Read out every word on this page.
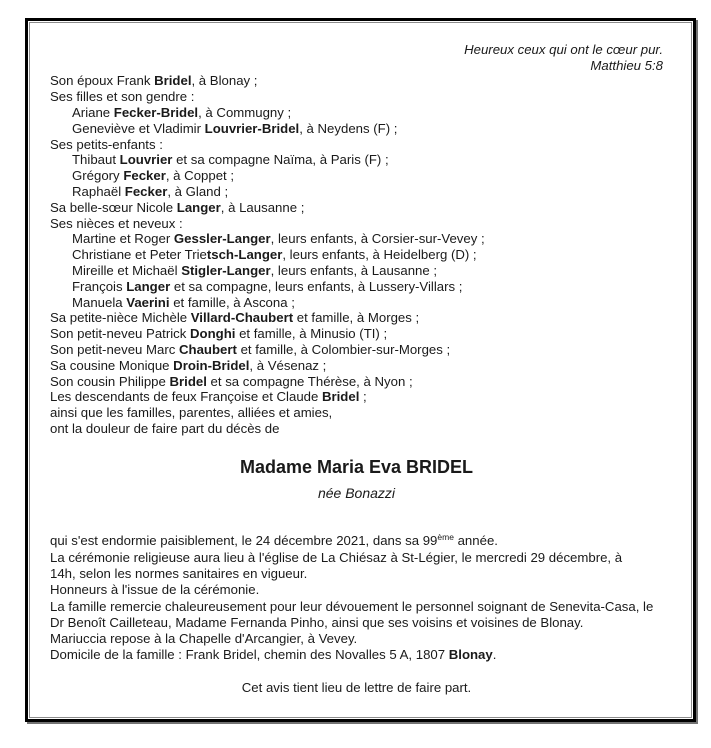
Heureux ceux qui ont le cœur pur.
Matthieu 5:8
Son époux Frank Bridel, à Blonay ;
Ses filles et son gendre :
Ariane Fecker-Bridel, à Commugny ;
Geneviève et Vladimir Louvrier-Bridel, à Neydens (F) ;
Ses petits-enfants :
Thibaut Louvrier et sa compagne Naïma, à Paris (F) ;
Grégory Fecker, à Coppet ;
Raphaël Fecker, à Gland ;
Sa belle-sœur Nicole Langer, à Lausanne ;
Ses nièces et neveux :
Martine et Roger Gessler-Langer, leurs enfants, à Corsier-sur-Vevey ;
Christiane et Peter Trietsch-Langer, leurs enfants, à Heidelberg (D) ;
Mireille et Michaël Stigler-Langer, leurs enfants, à Lausanne ;
François Langer et sa compagne, leurs enfants, à Lussery-Villars ;
Manuela Vaerini et famille, à Ascona ;
Sa petite-nièce Michèle Villard-Chaubert et famille, à Morges ;
Son petit-neveu Patrick Donghi et famille, à Minusio (TI) ;
Son petit-neveu Marc Chaubert et famille, à Colombier-sur-Morges ;
Sa cousine Monique Droin-Bridel, à Vésenaz ;
Son cousin Philippe Bridel et sa compagne Thérèse, à Nyon ;
Les descendants de feux Françoise et Claude Bridel ;
ainsi que les familles, parentes, alliées et amies,
ont la douleur de faire part du décès de
Madame Maria Eva BRIDEL
née Bonazzi
qui s'est endormie paisiblement, le 24 décembre 2021, dans sa 99ème année.
La cérémonie religieuse aura lieu à l'église de La Chiésaz à St-Légier, le mercredi 29 décembre, à
14h, selon les normes sanitaires en vigueur.
Honneurs à l'issue de la cérémonie.
La famille remercie chaleureusement pour leur dévouement le personnel soignant de Senevita-Casa, le
Dr Benoît Cailleteau, Madame Fernanda Pinho, ainsi que ses voisins et voisines de Blonay.
Mariuccia repose à la Chapelle d'Arcangier, à Vevey.
Domicile de la famille : Frank Bridel, chemin des Novalles 5 A, 1807 Blonay.
Cet avis tient lieu de lettre de faire part.
